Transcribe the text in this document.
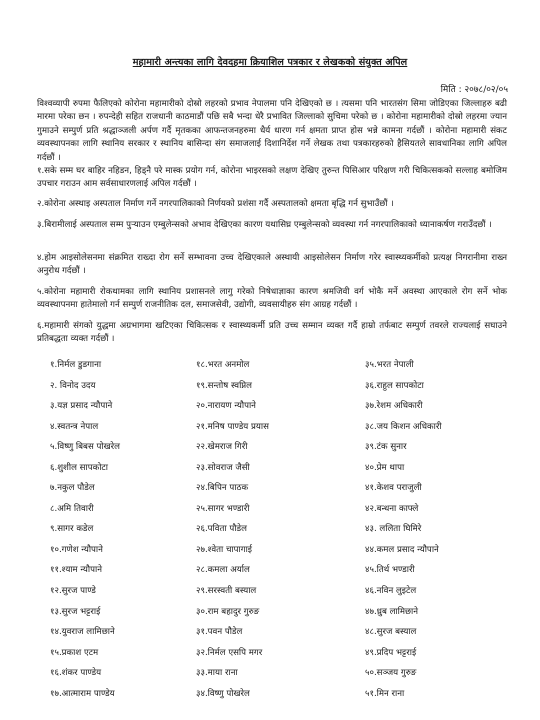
महामारी अन्त्यका लागि देवदहमा क्रियाशिल पत्रकार र लेखकको संयुक्त अपिल
मिति : २०७८/०२/०५
विश्वव्यापी रुपमा फैलिएको कोरोना महामारीको दोस्रो लहरको प्रभाव नेपालमा पनि देखिएको छ । त्यसमा पनि भारतसंग सिमा जोडिएका जिल्लाहरु बढी मारमा परेका छन । रुपन्देही सहित राजधानी काठमाडौं पछि सबै भन्दा धेरै प्रभावित जिल्लाको सुचिमा परेको छ । कोरोना महामारीको दोस्रो लहरमा ज्यान गुमाउने सम्पुर्ण प्रति श्रद्धाञ्जली अर्पण गर्दै मृतकका आफन्तजनहरुमा धैर्य धारण गर्न क्षमता प्राप्त होस भन्ने कामना गर्दछौं । कोरोना महामारी संकट व्यवस्थापनका लागि स्थानिय सरकार र स्थानिय बासिन्दा संग समाजलाई दिशानिर्देश गर्ने लेखक तथा पत्रकारहरुको हैसियतले सावधानिका लागि अपिल गर्दछौं ।
१.सके सम्म घर बाहिर नहिडन, हिड्नै परे मास्क प्रयोग गर्न, कोरोना भाइरसको लक्षण देखिए तुरुन्त पिसिआर परिक्षण गरी चिकित्सकको सल्लाह बमोजिम उपचार गराउन आम सर्वसाधारणलाई अपिल गर्दछौं ।
२.कोरोना अस्थाइ अस्पताल निर्माण गर्ने नगरपालिकाको निर्णयको प्रशंसा गर्दै अस्पतालको क्षमता बृद्धि गर्न सुभाउँछौं ।
३.बिरामीलाई अस्पताल सम्म पुऱ्याउन एम्बुलेन्सको अभाव देखिएका कारण यथासिघ्र एम्बुलेन्सको व्यवस्था गर्न नगरपालिकाको ध्यानाकर्षण गराउँदछौं ।
४.होम आइसोलेसनमा संक्रमित राख्दा रोग सर्ने सम्भावना उच्च देखिएकाले अस्थायी आइसोलेसन निर्माण गरेर स्वास्थ्यकर्मीको प्रत्यक्ष निगरानीमा राख्न अनुरोध गर्दछौं ।
५.कोरोना महामारी रोकथामका लागि स्थानिय प्रशासनले लागु गरेको निषेधाज्ञाका कारण श्रमजिवी वर्ग भोकै मर्ने अवस्था आएकाले रोग सर्ने भोक व्यवस्थापनमा हातेमालो गर्न सम्पुर्ण राजनीतिक दल, समाजसेवी, उद्योगी, व्यवसायीहरु संग आग्रह गर्दछौं ।
६.महामारी संगको युद्धमा अग्रभागमा खटिएका चिकित्सक र स्वास्थ्यकर्मी प्रति उच्च सम्मान व्यक्त गर्दै हाम्रो तर्फबाट सम्पुर्ण तवरले राज्यलाई सघाउने प्रतिबद्धता व्यक्त गर्दछौं ।
१.निर्मल डुडगाना
२. विनोद उदय
३.यज्ञ प्रसाद न्यौपाने
४.स्वतन्त्र नेपाल
५.विष्णु बिबस पोखरेल
६.शुशील सापकोटा
७.नकुल पौडेल
८.अमि तिवारी
९.सागर कडेल
१०.गणेश न्यौपाने
११.श्याम न्यौपाने
१२.सुरज पाण्डे
१३.सुरज भट्टराई
१४.युवराज लामिछाने
१५.प्रकाश एटम
१६.शंकर पाण्डेय
१७.आत्माराम पाण्डेय
१८.भरत अनमोल
१९.सन्तोष स्वप्निल
२०.नारायण न्यौपाने
२१.मनिष पाण्डेय प्रयास
२२.खेमराज गिरी
२३.सोवराज जैसी
२४.बिपिन पाठक
२५.सागर भण्डारी
२६.पविता पौडेल
२७.श्वेता चापागाई
२८.कमला अर्याल
२९.सरस्वती बस्याल
३०.राम बहादुर गुरुङ
३१.पवन पौडेल
३२.निर्मल एसपि मगर
३३.माया राना
३४.विष्णु पोखरेल
३५.भरत नेपाली
३६.राहुल सापकोटा
३७.रेशम अधिकारी
३८.जय किशन अधिकारी
३९.टंक सुनार
४०.प्रेम थापा
४१.केशव पराजुली
४२.बन्धना काफ्ले
४३. ललिता घिमिरे
४४.कमल प्रसाद न्यौपाने
४५.तिर्थ भण्डारी
४६.नविन लुइटेल
४७.ध्रुब लामिछाने
४८.सुरज बस्याल
४९.प्रदिप भट्टराई
५०.सञ्जय गुरुङ
५१.मिन राना
